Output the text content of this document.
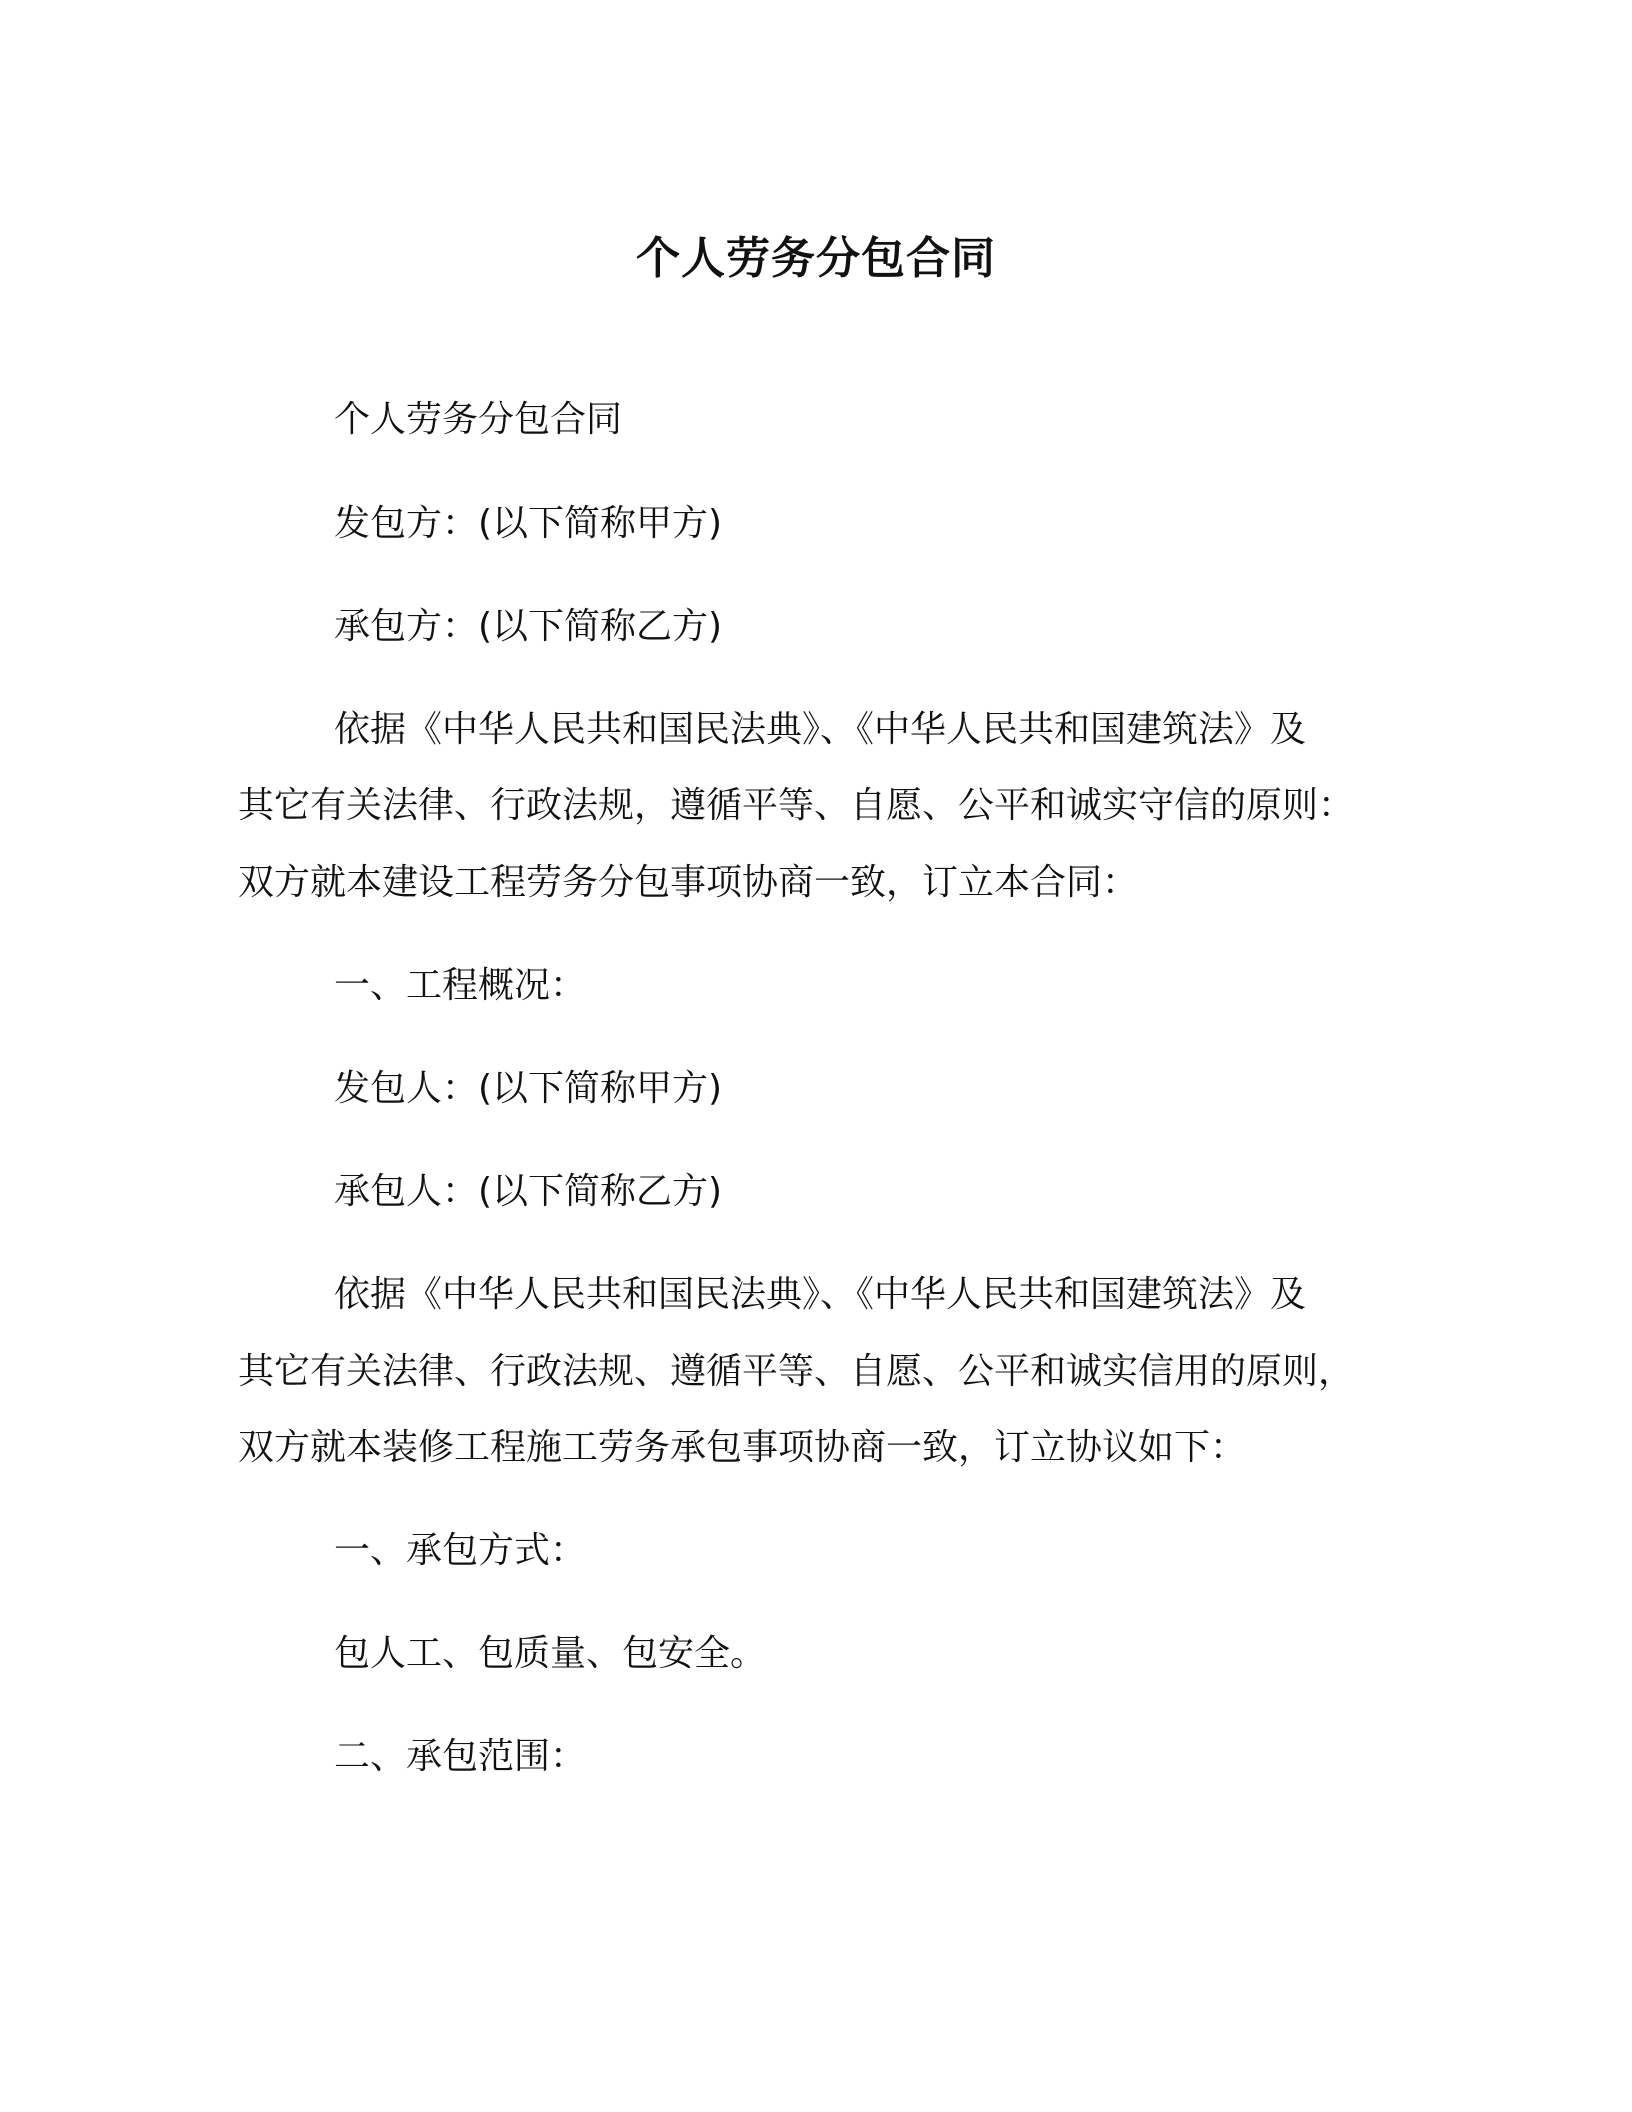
个人劳务分包合同
个人劳务分包合同
发包方：(以下简称甲方)
承包方：(以下简称乙方)
依据《中华人民共和国民法典》、《中华人民共和国建筑法》及
其它有关法律、行政法规，遵循平等、自愿、公平和诚实守信的原则：
双方就本建设工程劳务分包事项协商一致，订立本合同：
一、工程概况：
发包人：(以下简称甲方)
承包人：(以下简称乙方)
依据《中华人民共和国民法典》、《中华人民共和国建筑法》及
其它有关法律、行政法规、遵循平等、自愿、公平和诚实信用的原则，
双方就本装修工程施工劳务承包事项协商一致，订立协议如下：
一、承包方式：
包人工、包质量、包安全。
二、承包范围：
